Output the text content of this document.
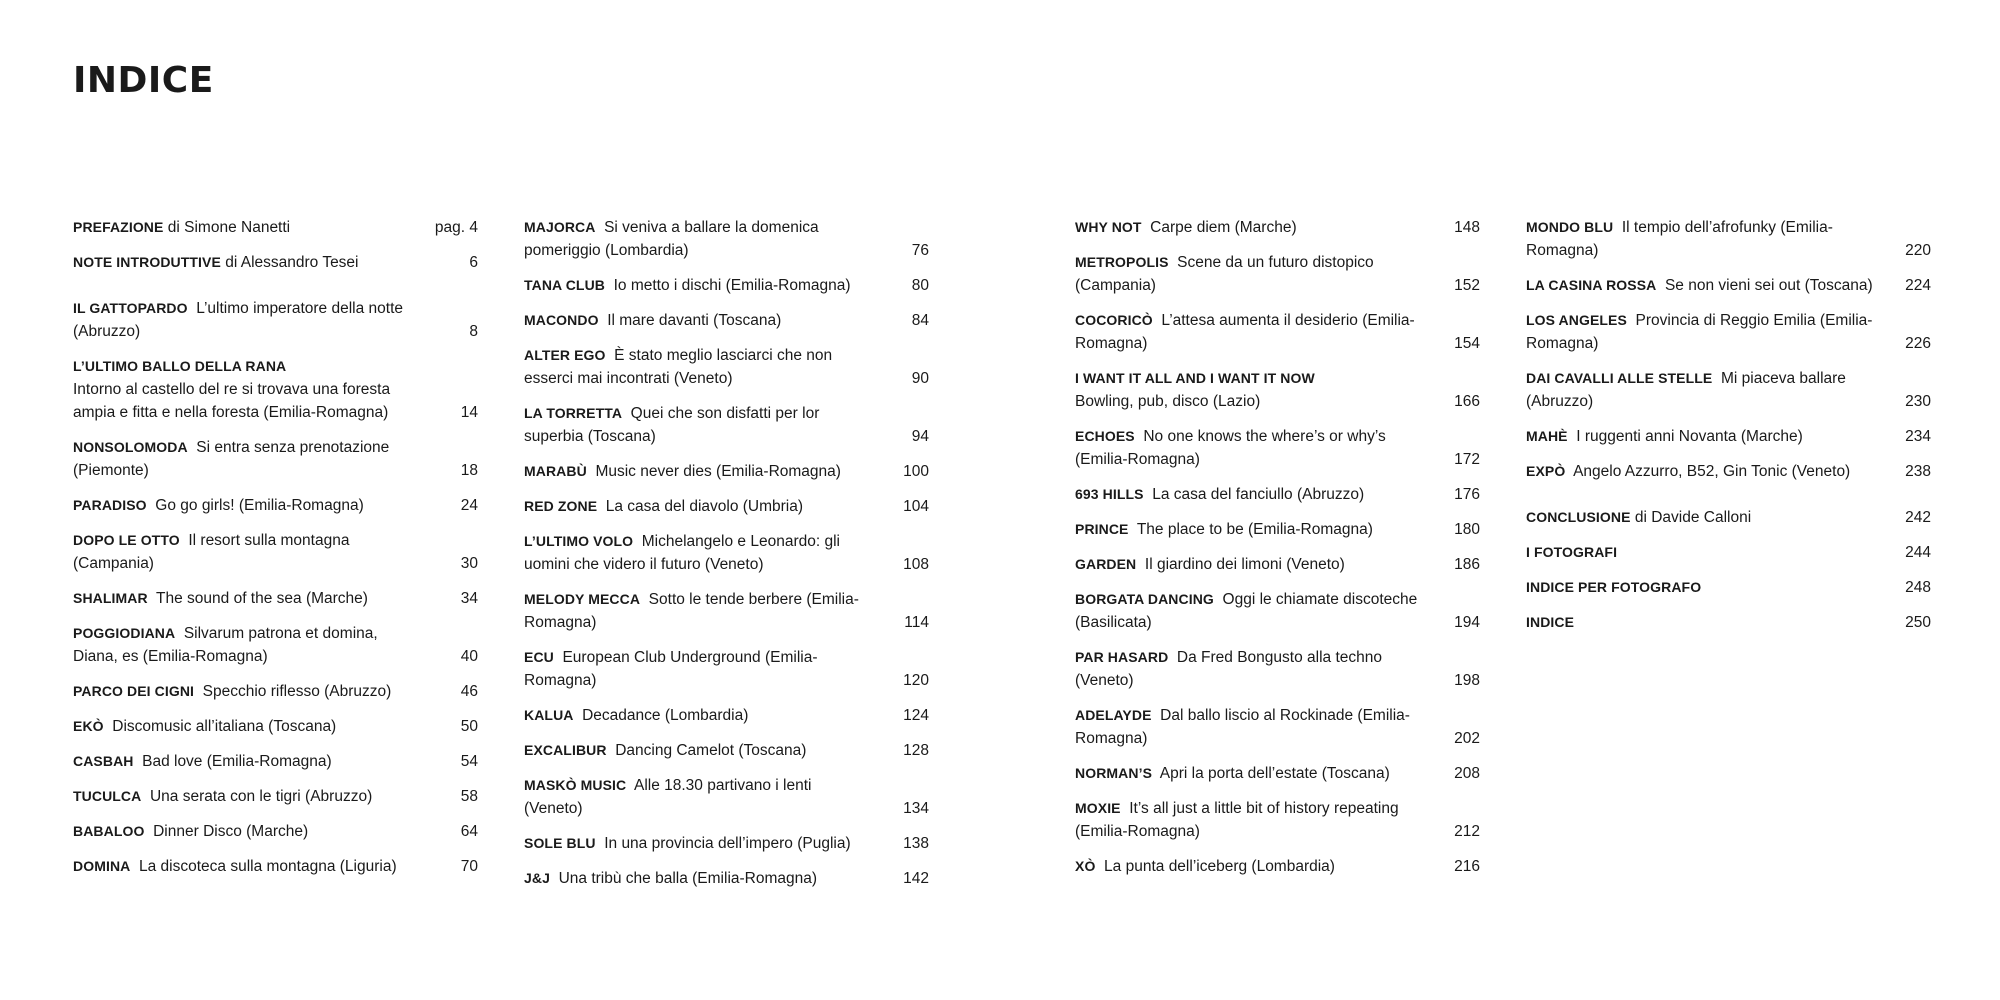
INDICE
PREFAZIONE di Simone Nanetti	pag. 4
NOTE INTRODUTTIVE di Alessandro Tesei	6
IL GATTOPARDO  L’ultimo imperatore della notte (Abruzzo)	8
L’ULTIMO BALLO DELLA RANA
Intorno al castello del re si trovava una foresta ampia e fitta e nella foresta (Emilia-Romagna)	14
NONSOLOMODA  Si entra senza prenotazione (Piemonte)	18
PARADISO  Go go girls! (Emilia-Romagna)	24
DOPO LE OTTO  Il resort sulla montagna (Campania)	30
SHALIMAR  The sound of the sea (Marche)	34
POGGIODIANA  Silvarum patrona et domina, Diana, es (Emilia-Romagna)	40
PARCO DEI CIGNI  Specchio riflesso (Abruzzo)	46
EKÒ  Discomusic all’italiana (Toscana)	50
CASBAH  Bad love (Emilia-Romagna)	54
TUCULCA  Una serata con le tigri (Abruzzo)	58
BABALOO  Dinner Disco (Marche)	64
DOMINA  La discoteca sulla montagna (Liguria)	70
MAJORCA  Si veniva a ballare la domenica pomeriggio (Lombardia)	76
TANA CLUB  Io metto i dischi (Emilia-Romagna)	80
MACONDO  Il mare davanti (Toscana)	84
ALTER EGO  È stato meglio lasciarci che non esserci mai incontrati (Veneto)	90
LA TORRETTA  Quei che son disfatti per lor superbia (Toscana)	94
MARABÙ  Music never dies (Emilia-Romagna)	100
RED ZONE  La casa del diavolo (Umbria)	104
L’ULTIMO VOLO  Michelangelo e Leonardo: gli uomini che videro il futuro (Veneto)	108
MELODY MECCA  Sotto le tende berbere (Emilia-Romagna)	114
ECU  European Club Underground (Emilia-Romagna)	120
KALUA  Decadance (Lombardia)	124
EXCALIBUR  Dancing Camelot (Toscana)	128
MASKÒ MUSIC  Alle 18.30 partivano i lenti (Veneto)	134
SOLE BLU  In una provincia dell’impero (Puglia)	138
J&J  Una tribù che balla (Emilia-Romagna)	142
WHY NOT  Carpe diem (Marche)	148
METROPOLIS  Scene da un futuro distopico (Campania)	152
COCORICÒ  L’attesa aumenta il desiderio (Emilia-Romagna)	154
I WANT IT ALL AND I WANT IT NOW
Bowling, pub, disco (Lazio)	166
ECHOES  No one knows the where’s or why’s (Emilia-Romagna)	172
693 HILLS  La casa del fanciullo (Abruzzo)	176
PRINCE  The place to be (Emilia-Romagna)	180
GARDEN  Il giardino dei limoni (Veneto)	186
BORGATA DANCING  Oggi le chiamate discoteche (Basilicata)	194
PAR HASARD  Da Fred Bongusto alla techno (Veneto)	198
ADELAYDE  Dal ballo liscio al Rockinade (Emilia-Romagna)	202
NORMAN’S  Apri la porta dell’estate (Toscana)	208
MOXIE  It’s all just a little bit of history repeating (Emilia-Romagna)	212
XÒ  La punta dell’iceberg (Lombardia)	216
MONDO BLU  Il tempio dell’afrofunky (Emilia-Romagna)	220
LA CASINA ROSSA  Se non vieni sei out (Toscana)	224
LOS ANGELES  Provincia di Reggio Emilia (Emilia-Romagna)	226
DAI CAVALLI ALLE STELLE  Mi piaceva ballare (Abruzzo)	230
MAHÈ  I ruggenti anni Novanta (Marche)	234
EXPÒ  Angelo Azzurro, B52, Gin Tonic (Veneto)	238
CONCLUSIONE di Davide Calloni	242
I FOTOGRAFI	244
INDICE PER FOTOGRAFO	248
INDICE	250
